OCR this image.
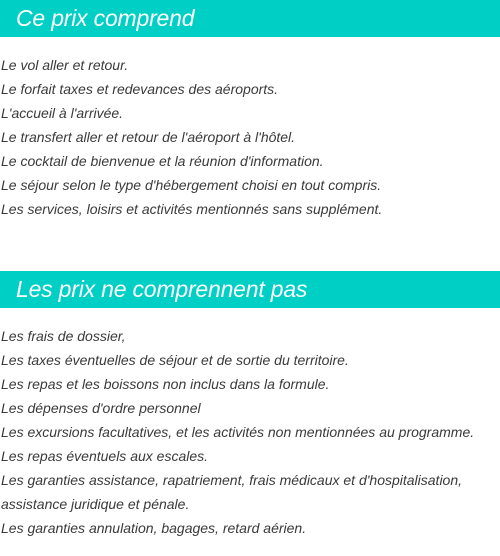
Ce prix comprend
Le vol aller et retour.
Le forfait taxes et redevances des aéroports.
L'accueil à l'arrivée.
Le transfert aller et retour de l'aéroport à l'hôtel.
Le cocktail de bienvenue et la réunion d'information.
Le séjour selon le type d'hébergement choisi en tout compris.
Les services, loisirs et activités mentionnés sans supplément.
Les prix ne comprennent pas
Les frais de dossier,
Les taxes éventuelles de séjour et de sortie du territoire.
Les repas et les boissons non inclus dans la formule.
Les dépenses d'ordre personnel
Les excursions facultatives, et les activités non mentionnées au programme.
Les repas éventuels aux escales.
Les garanties assistance, rapatriement, frais médicaux et d'hospitalisation, assistance juridique et pénale.
Les garanties annulation, bagages, retard aérien.
